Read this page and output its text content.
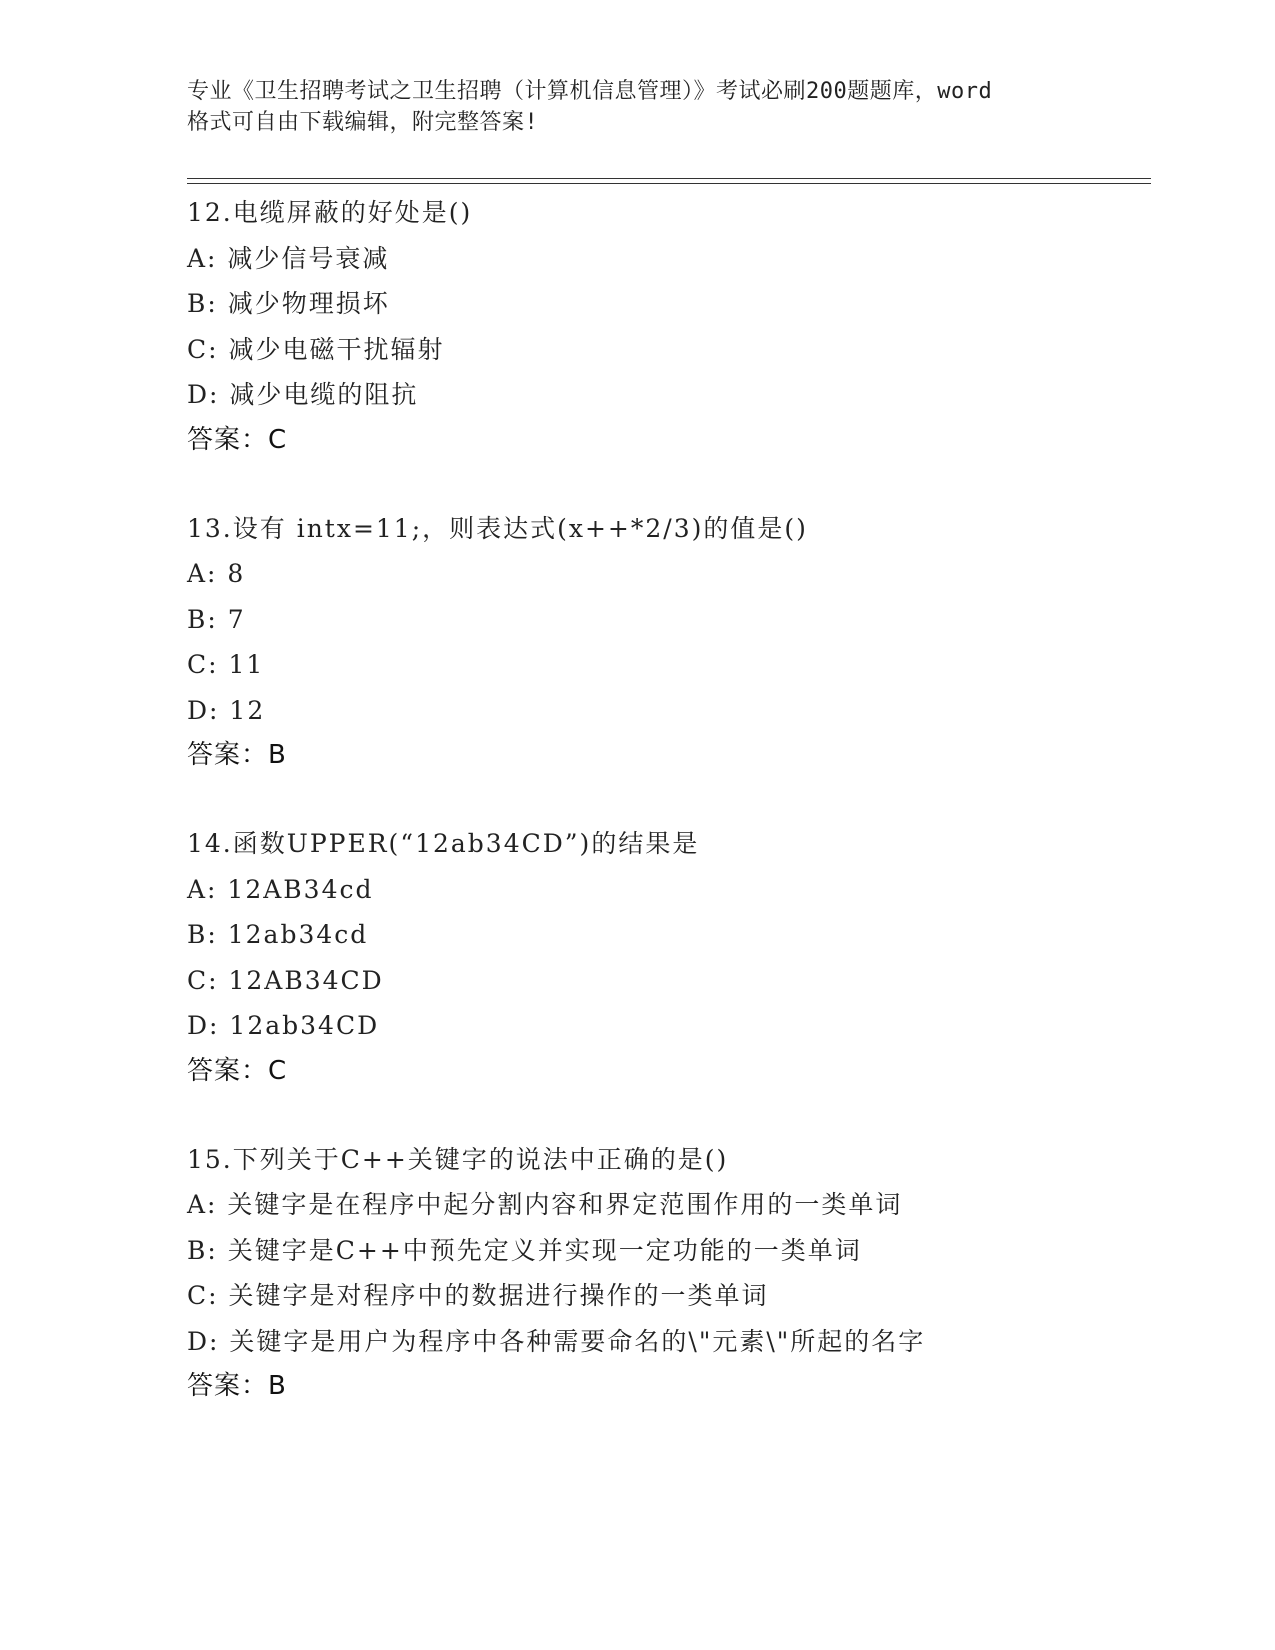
专业《卫生招聘考试之卫生招聘（计算机信息管理）》考试必刷200题题库，word
格式可自由下载编辑，附完整答案!
12.电缆屏蔽的好处是()
A: 减少信号衰减
B: 减少物理损坏
C: 减少电磁干扰辐射
D: 减少电缆的阻抗
答案：C
13.设有 intx=11;，则表达式(x++*2/3)的值是()
A: 8
B: 7
C: 11
D: 12
答案：B
14.函数UPPER(“12ab34CD”)的结果是
A: 12AB34cd
B: 12ab34cd
C: 12AB34CD
D: 12ab34CD
答案：C
15.下列关于C++关键字的说法中正确的是()
A: 关键字是在程序中起分割内容和界定范围作用的一类单词
B: 关键字是C++中预先定义并实现一定功能的一类单词
C: 关键字是对程序中的数据进行操作的一类单词
D: 关键字是用户为程序中各种需要命名的\"元素\"所起的名字
答案：B
